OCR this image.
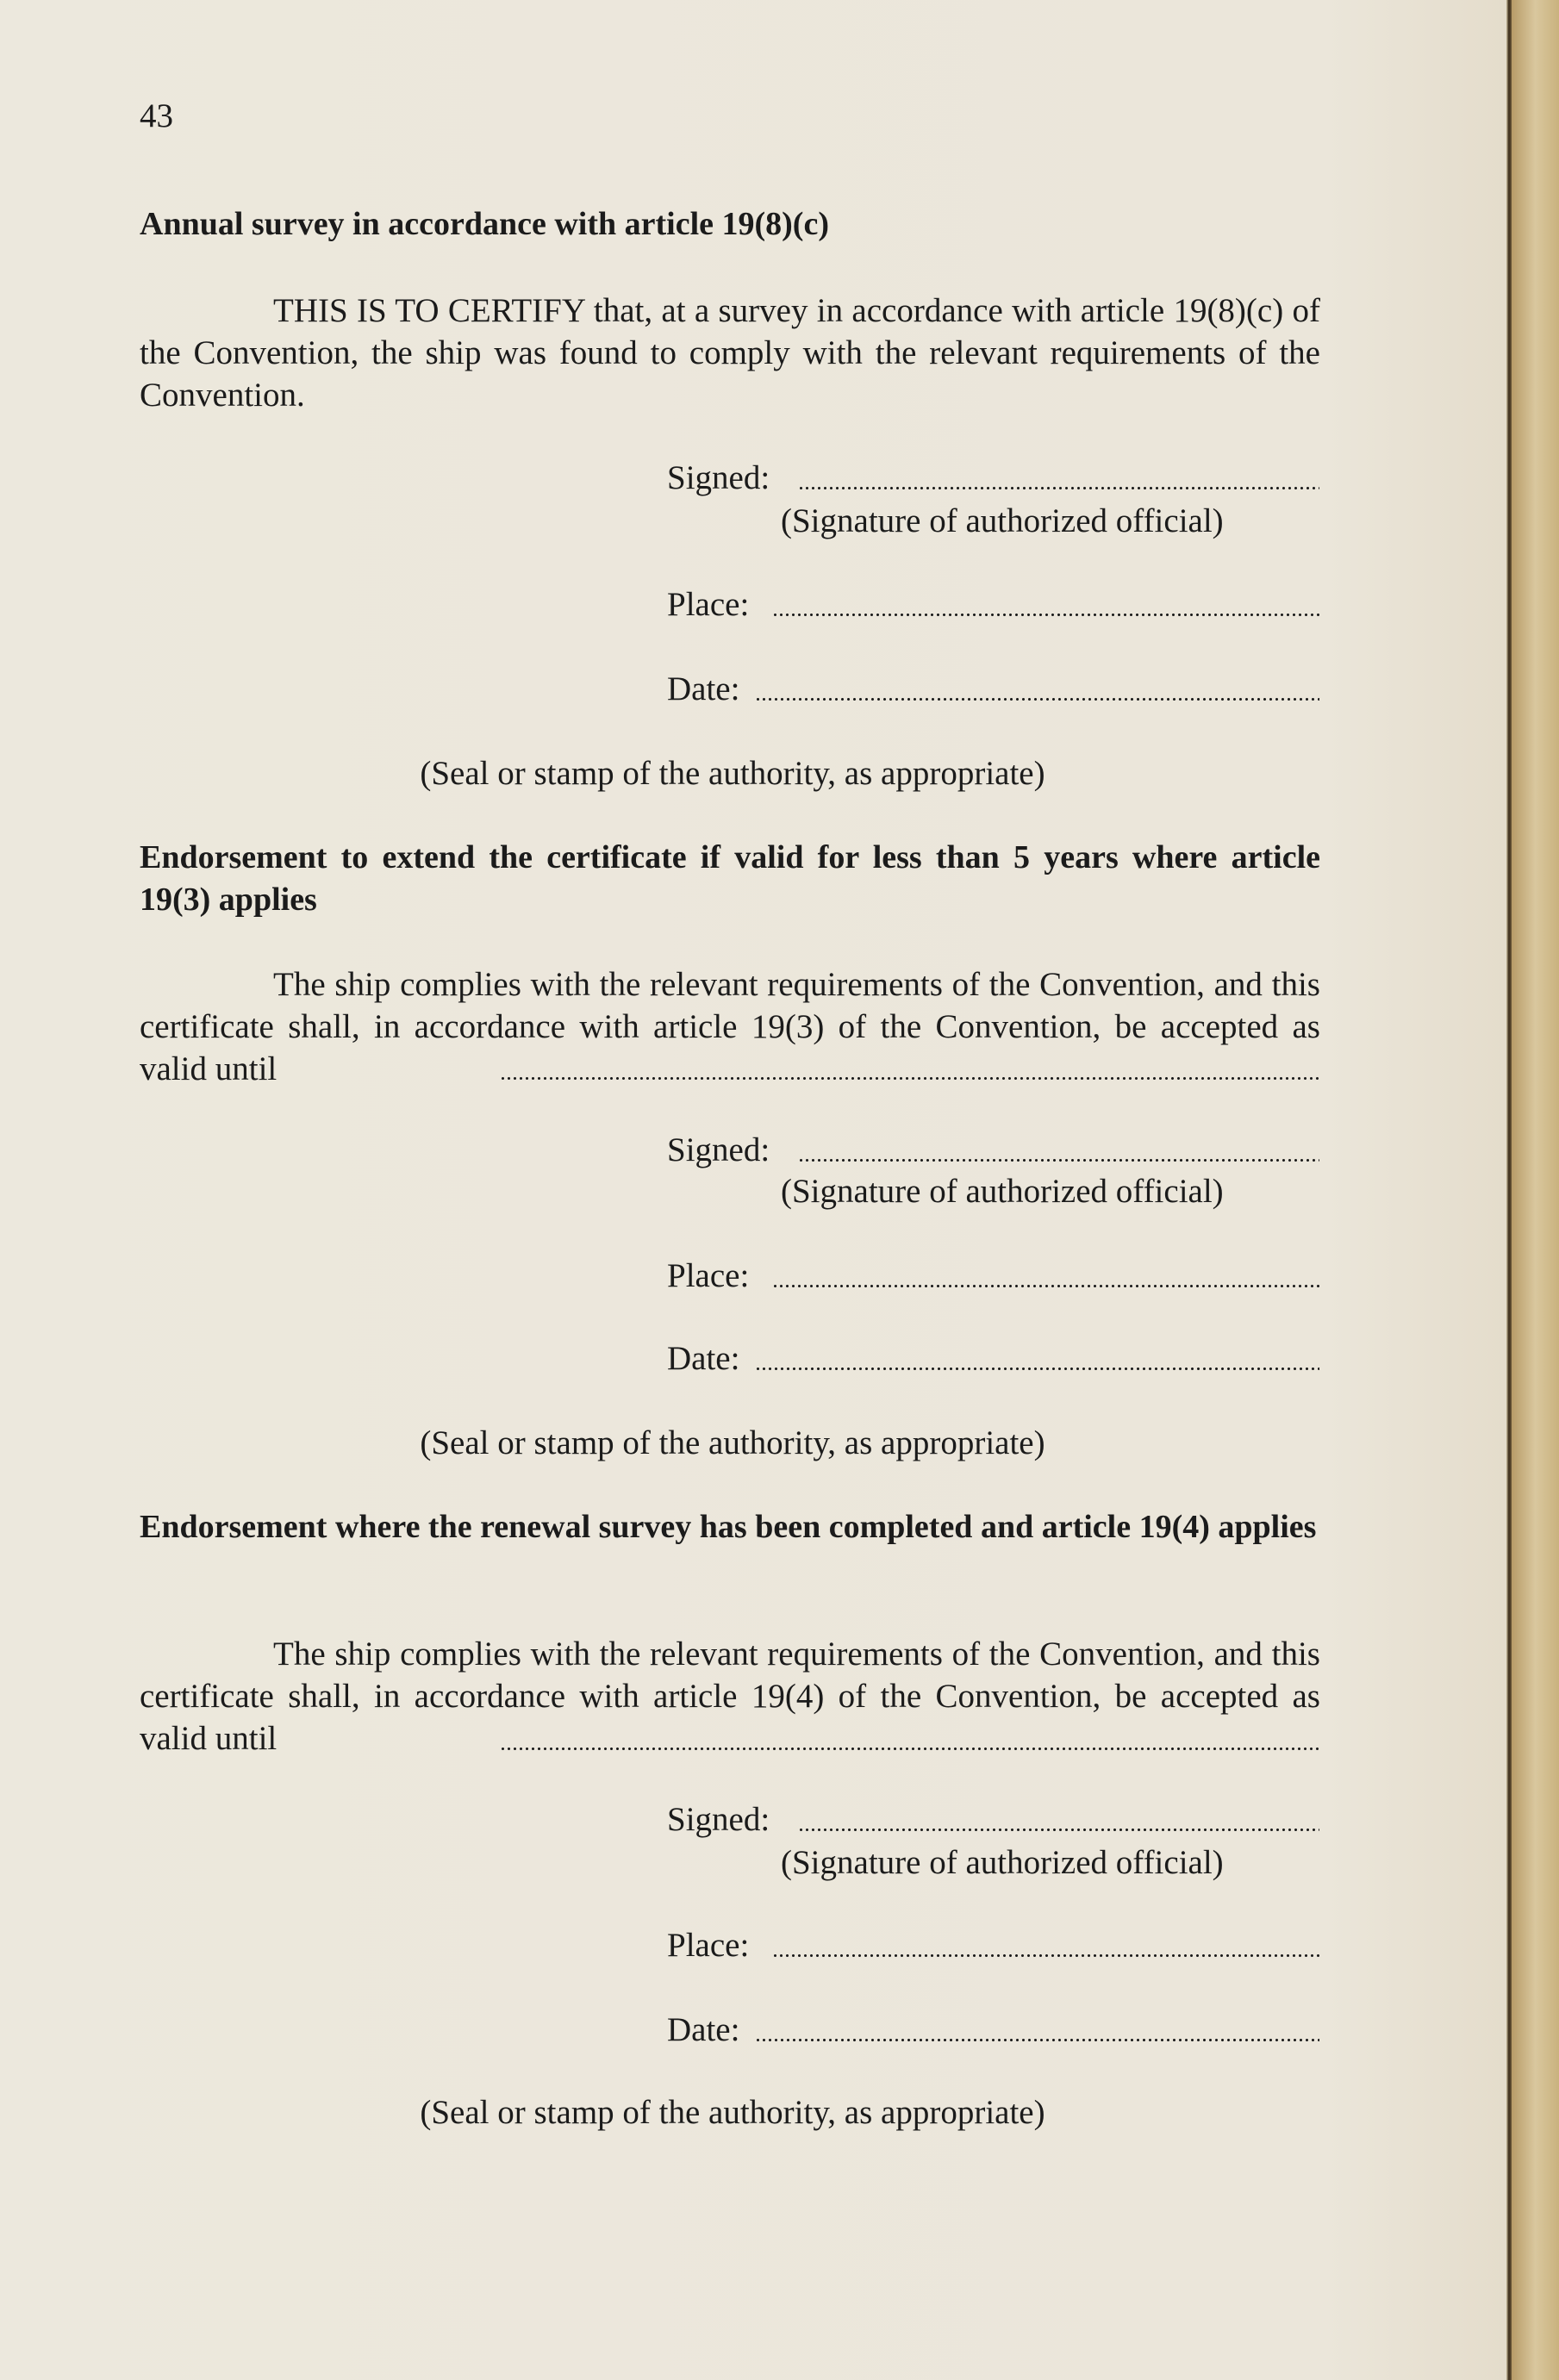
43
Annual survey in accordance with article 19(8)(c)
THIS IS TO CERTIFY that, at a survey in accordance with article 19(8)(c) of the Convention, the ship was found to comply with the relevant requirements of the Convention.
Signed:
(Signature of authorized official)
Place:
Date:
(Seal or stamp of the authority, as appropriate)
Endorsement to extend the certificate if valid for less than 5 years where article 19(3) applies
The ship complies with the relevant requirements of the Convention, and this certificate shall, in accordance with article 19(3) of the Convention, be accepted as valid until
Signed:
(Signature of authorized official)
Place:
Date:
(Seal or stamp of the authority, as appropriate)
Endorsement where the renewal survey has been completed and article 19(4) applies
The ship complies with the relevant requirements of the Convention, and this certificate shall, in accordance with article 19(4) of the Convention, be accepted as valid until
Signed:
(Signature of authorized official)
Place:
Date:
(Seal or stamp of the authority, as appropriate)
